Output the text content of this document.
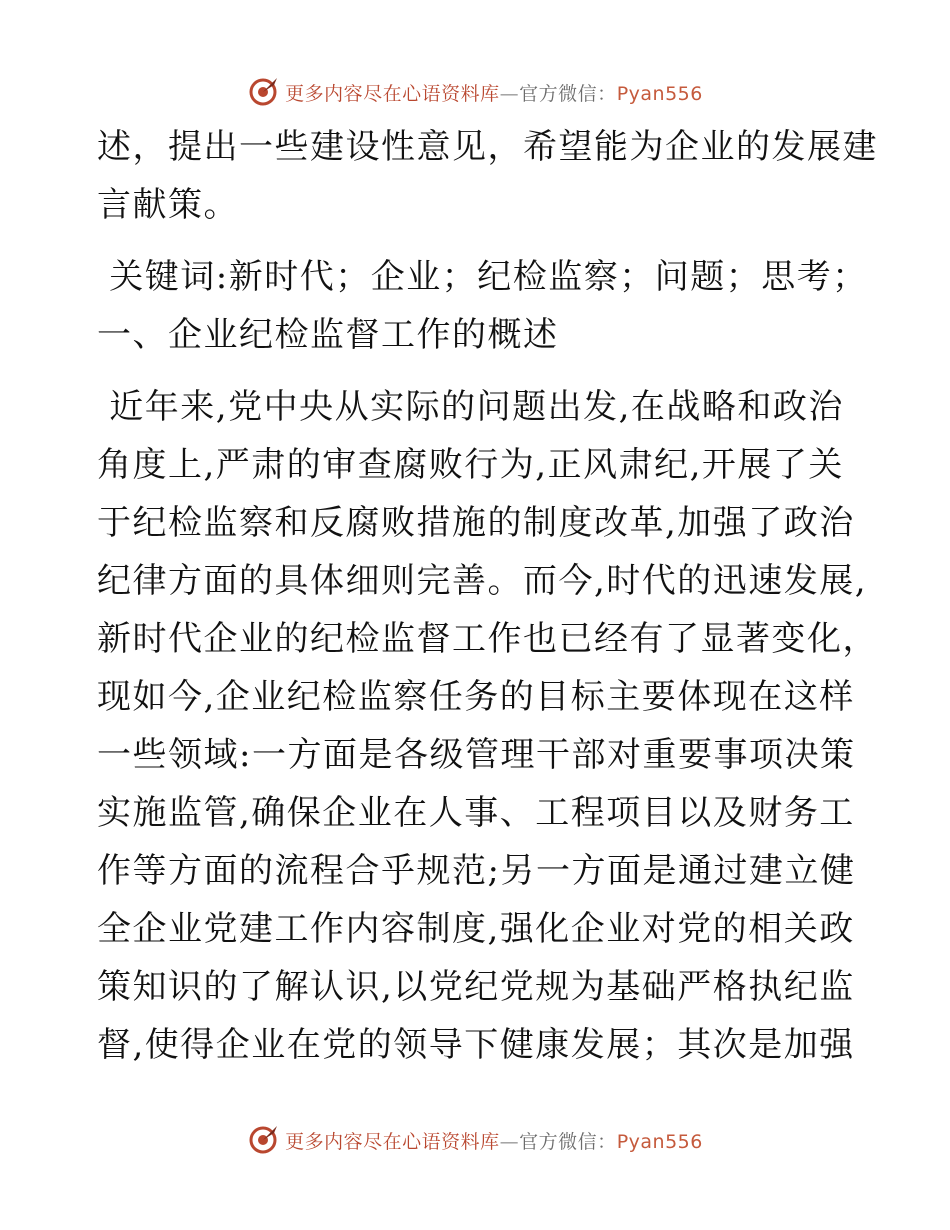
更多内容尽在心语资料库—官方微信：Pyan556
述，提出一些建设性意见，希望能为企业的发展建
言献策。
关键词:新时代；企业；纪检监察；问题；思考；
一、企业纪检监督工作的概述
近年来,党中央从实际的问题出发,在战略和政治
角度上,严肃的审查腐败行为,正风肃纪,开展了关
于纪检监察和反腐败措施的制度改革,加强了政治
纪律方面的具体细则完善。而今,时代的迅速发展,
新时代企业的纪检监督工作也已经有了显著变化，
现如今,企业纪检监察任务的目标主要体现在这样
一些领域:一方面是各级管理干部对重要事项决策
实施监管,确保企业在人事、工程项目以及财务工
作等方面的流程合乎规范;另一方面是通过建立健
全企业党建工作内容制度,强化企业对党的相关政
策知识的了解认识,以党纪党规为基础严格执纪监
督,使得企业在党的领导下健康发展；其次是加强
更多内容尽在心语资料库—官方微信：Pyan556
